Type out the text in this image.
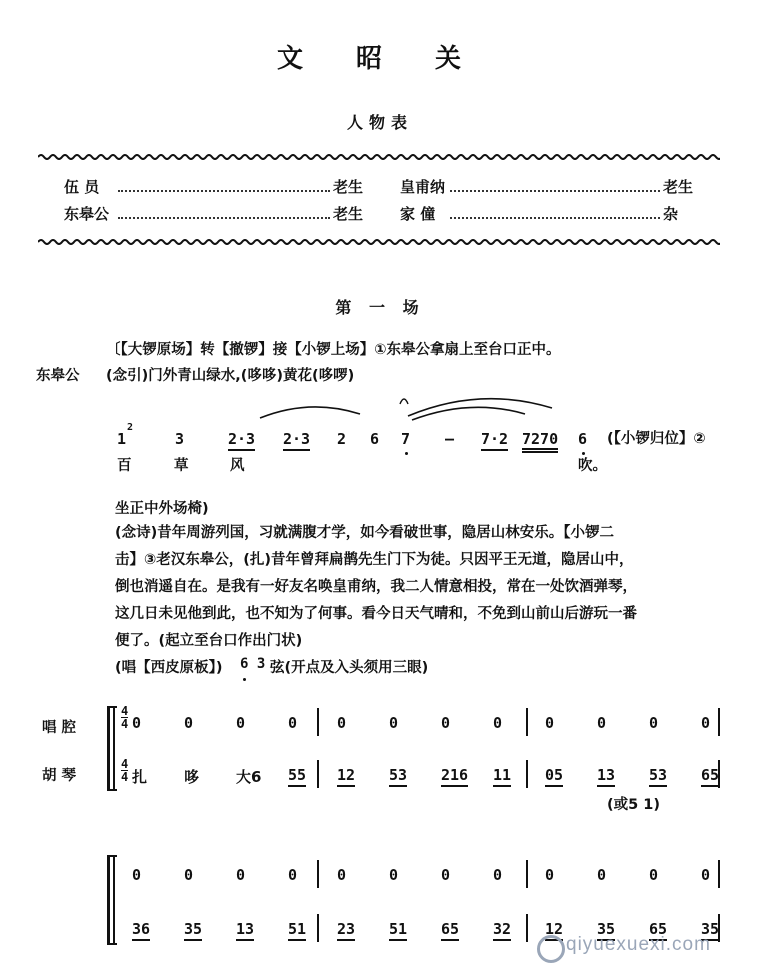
文 昭 关
人物表
伍 员	老生 皇甫纳	老生
东皋公	老生 家 僮	杂
第 一 场
〔【大锣原场】转【撤锣】接【小锣上场】①东皋公拿扇上至台口正中。
东皋公 (念引)门外青山绿水,(哆哆)黄花(哆啰)
1
2
3	2·3 2·3 2 6 7 – 7·2 7270 6 (【小锣归位】②
百	草	风	吹。
坐正中外场椅)
(念诗)昔年周游列国，习就满腹才学，如今看破世事，隐居山林安乐。【小锣二
击】③老汉东皋公，(扎)昔年曾拜扁鹊先生门下为徒。只因平王无道，隐居山中，
倒也消遥自在。是我有一好友名唤皇甫纳，我二人情意相投，常在一处饮酒弹琴，
这几日未见他到此，也不知为了何事。看今日天气晴和，不免到山前山后游玩一番
便了。(起立至台口作出门状)
(唱【西皮原板】) 6 3 弦(开点及入头须用三眼)
唱 腔
胡 琴
4
4
4
4
(或5 1)
0	0	0	0	0	0	0	0	0	0	0	0
扎 哆 大6 55 12 53 216 11 05 13 53 65
0	0	0	0	0	0	0	0	0	0	0	0
36 35 13 51 23 51 65 32 12 35 65 35
qiyuexuexi.com
